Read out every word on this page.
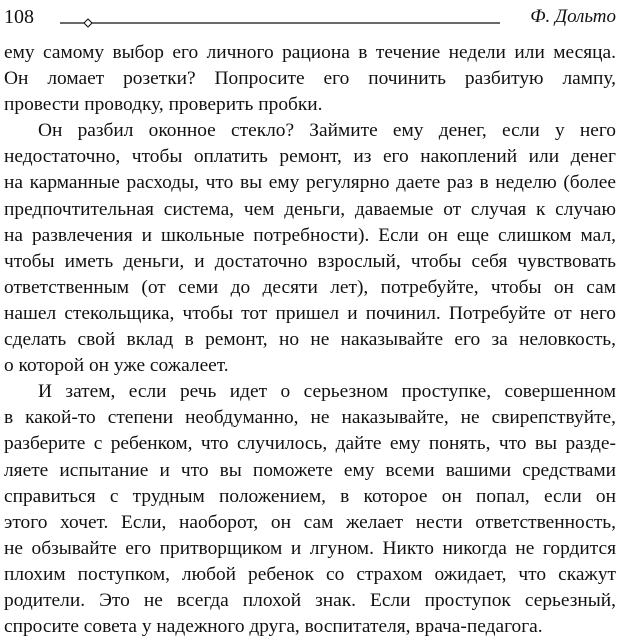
108	Ф. Дольто
ему самому выбор его личного рациона в течение недели или месяца.
Он ломает розетки? Попросите его починить разбитую лампу,
провести проводку, проверить пробки.
Он разбил оконное стекло? Займите ему денег, если у него
недостаточно, чтобы оплатить ремонт, из его накоплений или денег
на карманные расходы, что вы ему регулярно даете раз в неделю (более
предпочтительная система, чем деньги, даваемые от случая к случаю
на развлечения и школьные потребности). Если он еще слишком мал,
чтобы иметь деньги, и достаточно взрослый, чтобы себя чувствовать
ответственным (от семи до десяти лет), потребуйте, чтобы он сам
нашел стекольщика, чтобы тот пришел и починил. Потребуйте от него
сделать свой вклад в ремонт, но не наказывайте его за неловкость,
о которой он уже сожалеет.
И затем, если речь идет о серьезном проступке, совершенном
в какой-то степени необдуманно, не наказывайте, не свирепствуйте,
разберите с ребенком, что случилось, дайте ему понять, что вы разде-
ляете испытание и что вы поможете ему всеми вашими средствами
справиться с трудным положением, в которое он попал, если он
этого хочет. Если, наоборот, он сам желает нести ответственность,
не обзывайте его притворщиком и лгуном. Никто никогда не гордится
плохим поступком, любой ребенок со страхом ожидает, что скажут
родители. Это не всегда плохой знак. Если проступок серьезный,
спросите совета у надежного друга, воспитателя, врача-педагога.
